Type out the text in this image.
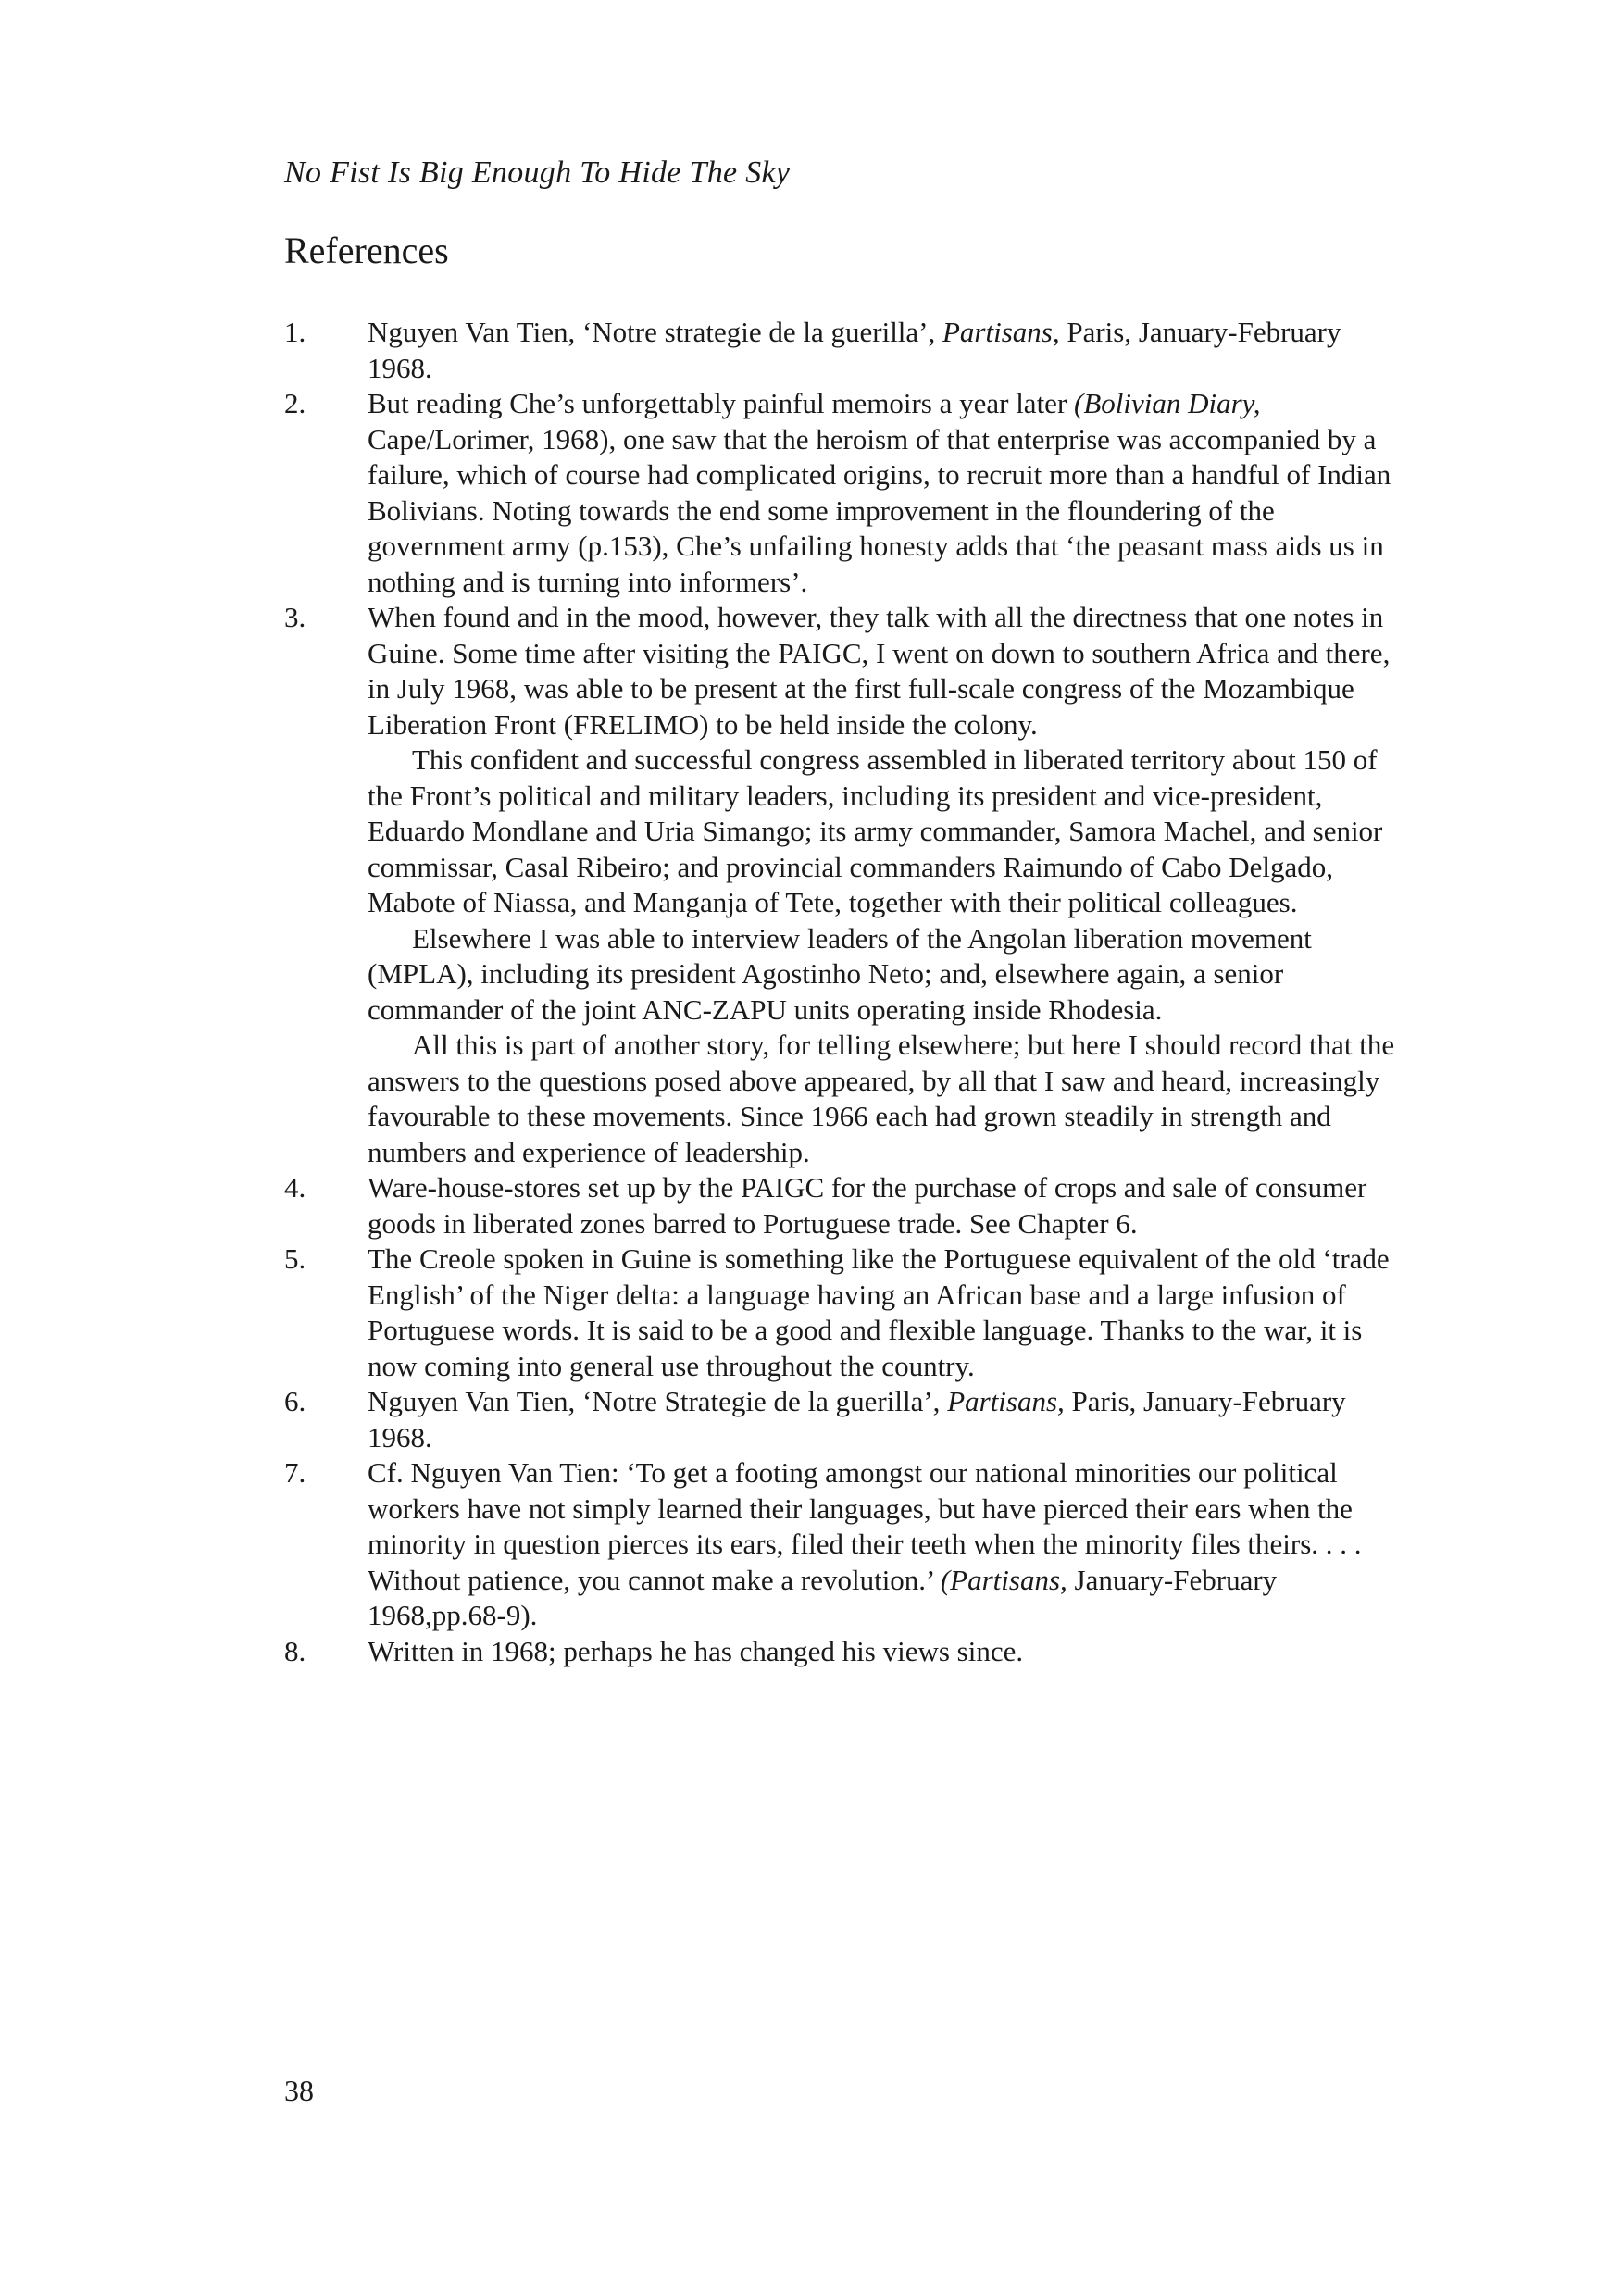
No Fist Is Big Enough To Hide The Sky
References
1.	Nguyen Van Tien, ‘Notre strategie de la guerilla’, Partisans, Paris, January-February 1968.

2.	But reading Che’s unforgettably painful memoirs a year later (Bolivian Diary, Cape/Lorimer, 1968), one saw that the heroism of that enterprise was accompanied by a failure, which of course had complicated origins, to recruit more than a handful of Indian Bolivians. Noting towards the end some improvement in the floundering of the government army (p.153), Che’s unfailing honesty adds that ‘the peasant mass aids us in nothing and is turning into informers’.

3.	When found and in the mood, however, they talk with all the directness that one notes in Guine. Some time after visiting the PAIGC, I went on down to southern Africa and there, in July 1968, was able to be present at the first full-scale congress of the Mozambique Liberation Front (FRELIMO) to be held inside the colony.

This confident and successful congress assembled in liberated territory about 150 of the Front’s political and military leaders, including its president and vice-president, Eduardo Mondlane and Uria Simango; its army commander, Samora Machel, and senior commissar, Casal Ribeiro; and provincial commanders Raimundo of Cabo Delgado, Mabote of Niassa, and Manganja of Tete, together with their political colleagues.

Elsewhere I was able to interview leaders of the Angolan liberation movement (MPLA), including its president Agostinho Neto; and, elsewhere again, a senior commander of the joint ANC-ZAPU units operating inside Rhodesia.

All this is part of another story, for telling elsewhere; but here I should record that the answers to the questions posed above appeared, by all that I saw and heard, increasingly favourable to these movements. Since 1966 each had grown steadily in strength and numbers and experience of leadership.

4.	Ware-house-stores set up by the PAIGC for the purchase of crops and sale of consumer goods in liberated zones barred to Portuguese trade. See Chapter 6.

5.	The Creole spoken in Guine is something like the Portuguese equivalent of the old ‘trade English’ of the Niger delta: a language having an African base and a large infusion of Portuguese words. It is said to be a good and flexible language. Thanks to the war, it is now coming into general use throughout the country.

6.	Nguyen Van Tien, ‘Notre Strategie de la guerilla’, Partisans, Paris, January-February 1968.

7.	Cf. Nguyen Van Tien: ‘To get a footing amongst our national minorities our political workers have not simply learned their languages, but have pierced their ears when the minority in question pierces its ears, filed their teeth when the minority files theirs. . . . Without patience, you cannot make a revolution.’ (Partisans, January-February 1968,pp.68-9).

8.	Written in 1968; perhaps he has changed his views since.

38
